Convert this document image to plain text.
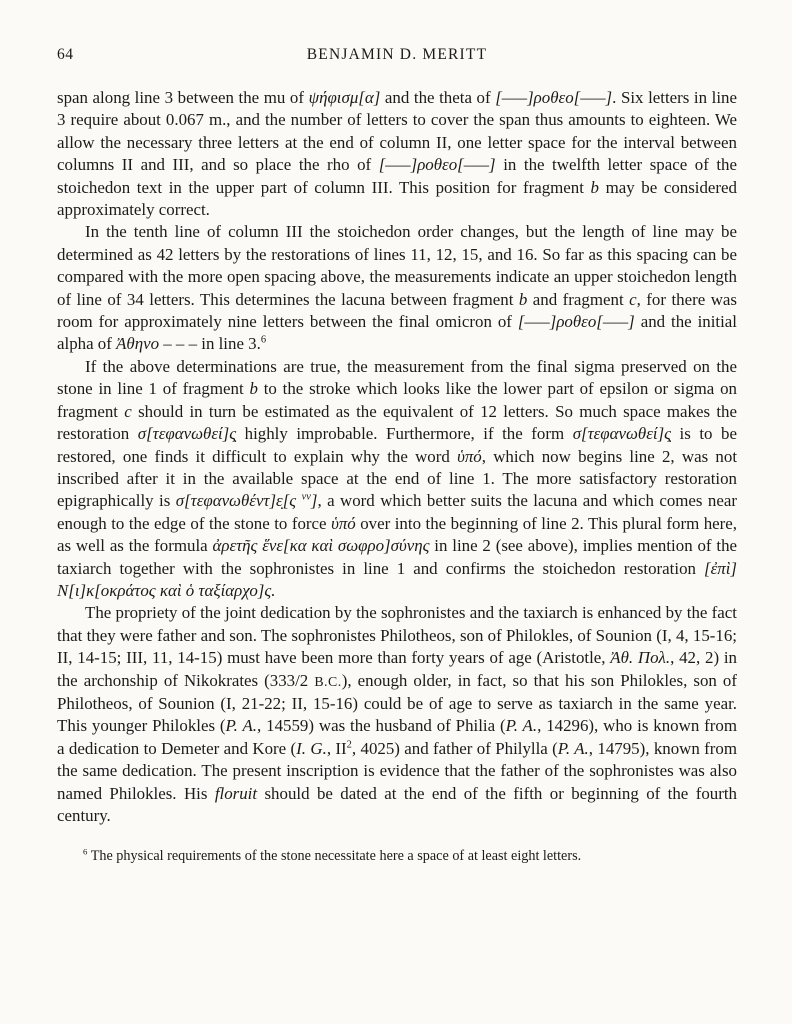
64	BENJAMIN D. MERITT

span along line 3 between the mu of ψήφισμ[α] and the theta of [–––]ροθεο[–––]. Six letters in line 3 require about 0.067 m., and the number of letters to cover the span thus amounts to eighteen. We allow the necessary three letters at the end of column II, one letter space for the interval between columns II and III, and so place the rho of [–––]ροθεο[–––] in the twelfth letter space of the stoichedon text in the upper part of column III. This position for fragment b may be considered approximately correct.

In the tenth line of column III the stoichedon order changes, but the length of line may be determined as 42 letters by the restorations of lines 11, 12, 15, and 16. So far as this spacing can be compared with the more open spacing above, the measurements indicate an upper stoichedon length of line of 34 letters. This determines the lacuna between fragment b and fragment c, for there was room for approximately nine letters between the final omicron of [–––]ροθεο[–––] and the initial alpha of Ἀθηνο – – – in line 3.$^6$

If the above determinations are true, the measurement from the final sigma preserved on the stone in line 1 of fragment b to the stroke which looks like the lower part of epsilon or sigma on fragment c should in turn be estimated as the equivalent of 12 letters. So much space makes the restoration σ[τεφανωθεί]ς̣ highly improbable. Furthermore, if the form σ[τεφανωθεί]ς̣ is to be restored, one finds it difficult to explain why the word ὑπό, which now begins line 2, was not inscribed after it in the available space at the end of line 1. The more satisfactory restoration epigraphically is σ[τεφανωθέντ]ε̣[ς $^{vv}$], a word which better suits the lacuna and which comes near enough to the edge of the stone to force ὑπό over into the beginning of line 2. This plural form here, as well as the formula ἀρετῆς ἕνε[κα καὶ σωφρο]σύνης in line 2 (see above), implies mention of the taxiarch together with the sophronistes in line 1 and confirms the stoichedon restoration [ἐπὶ] Ν[ι]κ[οκράτος καὶ ὁ ταξίαρχο]ς.

The propriety of the joint dedication by the sophronistes and the taxiarch is enhanced by the fact that they were father and son. The sophronistes Philotheos, son of Philokles, of Sounion (I, 4, 15-16; II, 14-15; III, 11, 14-15) must have been more than forty years of age (Aristotle, Ἀθ. Πολ., 42, 2) in the archonship of Nikokrates (333/2 B.C.), enough older, in fact, so that his son Philokles, son of Philotheos, of Sounion (I, 21-22; II, 15-16) could be of age to serve as taxiarch in the same year. This younger Philokles (P. A., 14559) was the husband of Philia (P. A., 14296), who is known from a dedication to Demeter and Kore (I. G., $II^2$, 4025) and father of Philylla (P. A., 14795), known from the same dedication. The present inscription is evidence that the father of the sophronistes was also named Philokles. His floruit should be dated at the end of the fifth or beginning of the fourth century.

$^6$ The physical requirements of the stone necessitate here a space of at least eight letters.
